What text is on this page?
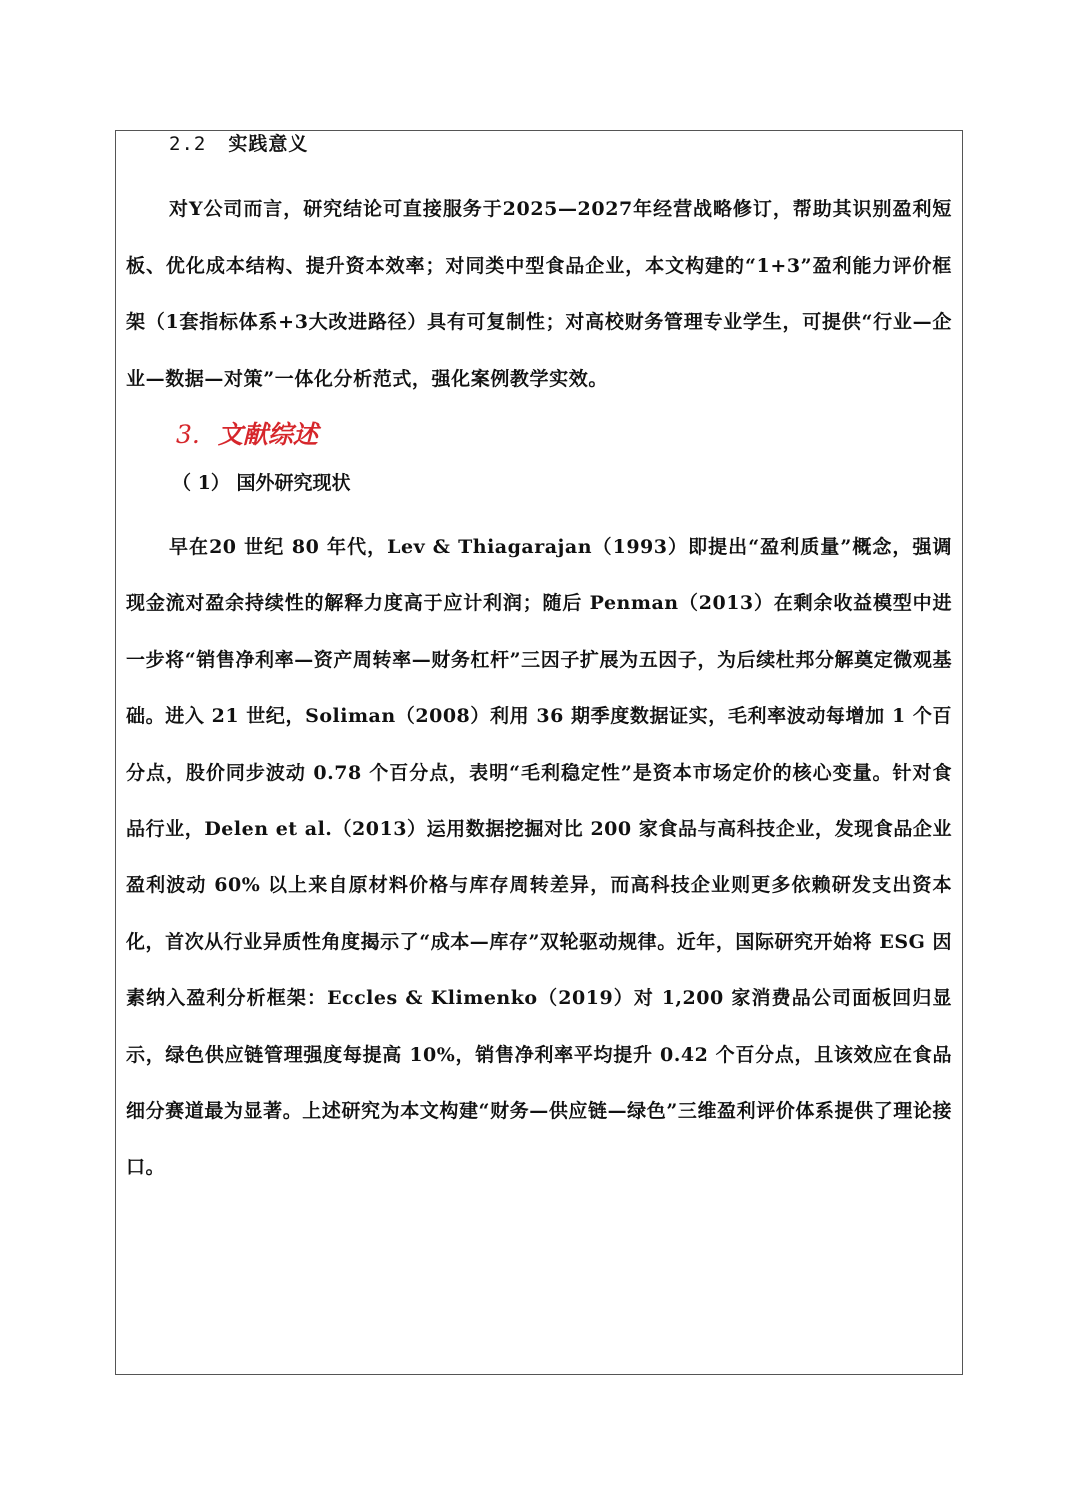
2.2 实践意义

对Y公司而言，研究结论可直接服务于2025—2027年经营战略修订，帮助其识别盈利短板、优化成本结构、提升资本效率；对同类中型食品企业，本文构建的“1+3”盈利能力评价框架（1套指标体系+3大改进路径）具有可复制性；对高校财务管理专业学生，可提供“行业—企业—数据—对策”一体化分析范式，强化案例教学实效。

3. 文献综述
（ 1） 国外研究现状

早在20 世纪 80 年代，Lev & Thiagarajan（1993）即提出“盈利质量”概念，强调现金流对盈余持续性的解释力度高于应计利润；随后 Penman（2013）在剩余收益模型中进一步将“销售净利率—资产周转率—财务杠杆”三因子扩展为五因子，为后续杜邦分解奠定微观基础。进入 21 世纪，Soliman（2008）利用 36 期季度数据证实，毛利率波动每增加 1 个百分点，股价同步波动 0.78 个百分点，表明“毛利稳定性”是资本市场定价的核心变量。针对食品行业，Delen et al.（2013）运用数据挖掘对比 200 家食品与高科技企业，发现食品企业盈利波动 60% 以上来自原材料价格与库存周转差异，而高科技企业则更多依赖研发支出资本化，首次从行业异质性角度揭示了“成本—库存”双轮驱动规律。近年，国际研究开始将 ESG 因素纳入盈利分析框架：Eccles & Klimenko（2019）对 1,200 家消费品公司面板回归显示，绿色供应链管理强度每提高 10%，销售净利率平均提升 0.42 个百分点，且该效应在食品细分赛道最为显著。上述研究为本文构建“财务—供应链—绿色”三维盈利评价体系提供了理论接口。
